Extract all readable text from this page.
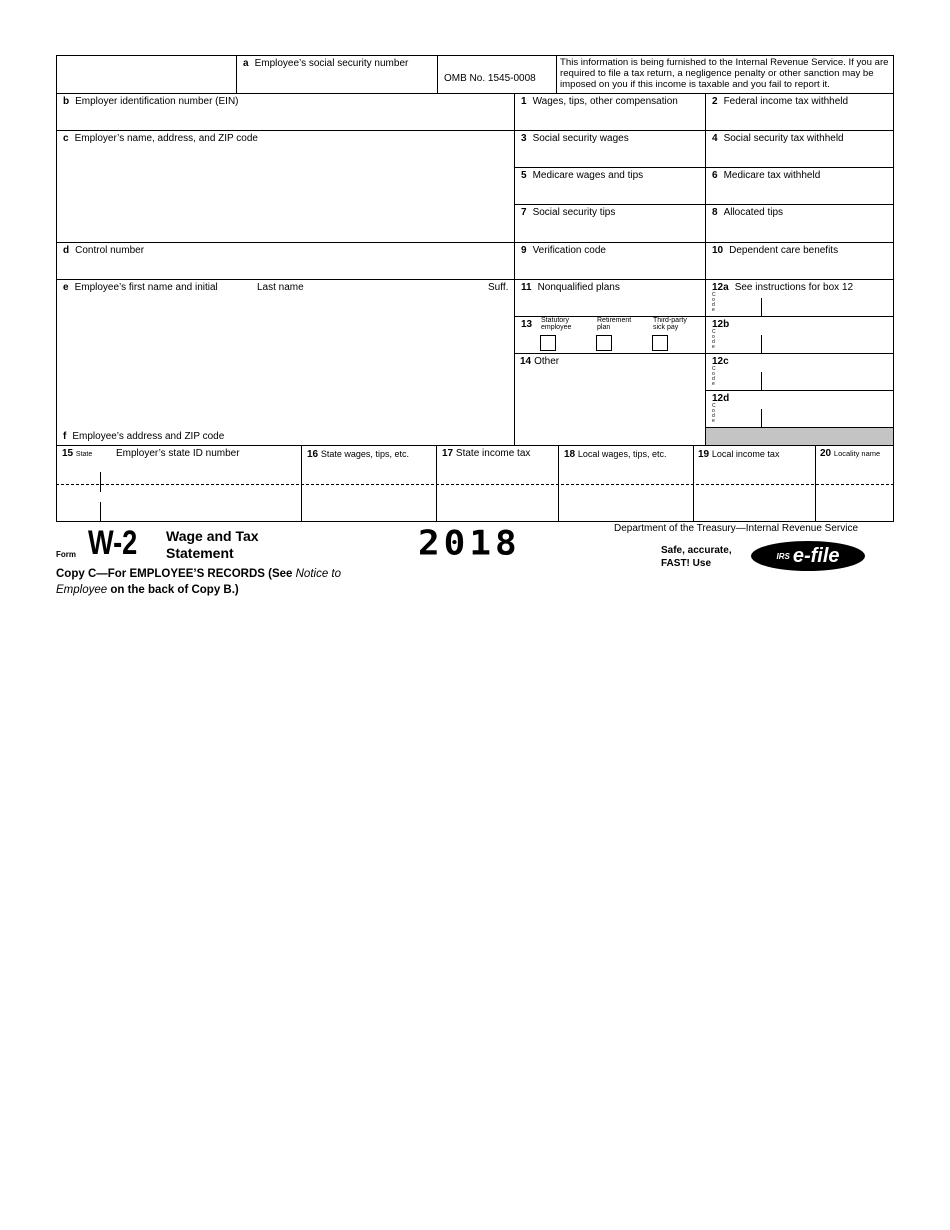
a Employee’s social security number
OMB No. 1545-0008
This information is being furnished to the Internal Revenue Service. If you are required to file a tax return, a negligence penalty or other sanction may be imposed on you if this income is taxable and you fail to report it.
b Employer identification number (EIN)
c Employer’s name, address, and ZIP code
d Control number
e Employee’s first name and initial	Last name	Suff.
f Employee’s address and ZIP code
1 Wages, tips, other compensation	2 Federal income tax withheld
3 Social security wages	4 Social security tax withheld
5 Medicare wages and tips	6 Medicare tax withheld
7 Social security tips	8 Allocated tips
9 Verification code	10 Dependent care benefits
11 Nonqualified plans
13 Statutory employee
Retirement plan
Third-party sick pay
14 Other
12a See instructions for box 12
C o d e
12b
C o d e
12c
C o d e
12d
C o d e
15 State Employer’s state ID number	16 State wages, tips, etc.	17 State income tax	18 Local wages, tips, etc.	19 Local income tax	20 Locality name
Form W-2 Wage and Tax
Statement	2018	Department of the Treasury—Internal Revenue Service
Safe, accurate,
FAST! Use
IRS e-file
Copy C—For EMPLOYEE’S RECORDS (See Notice to Employee on the back of Copy B.)
